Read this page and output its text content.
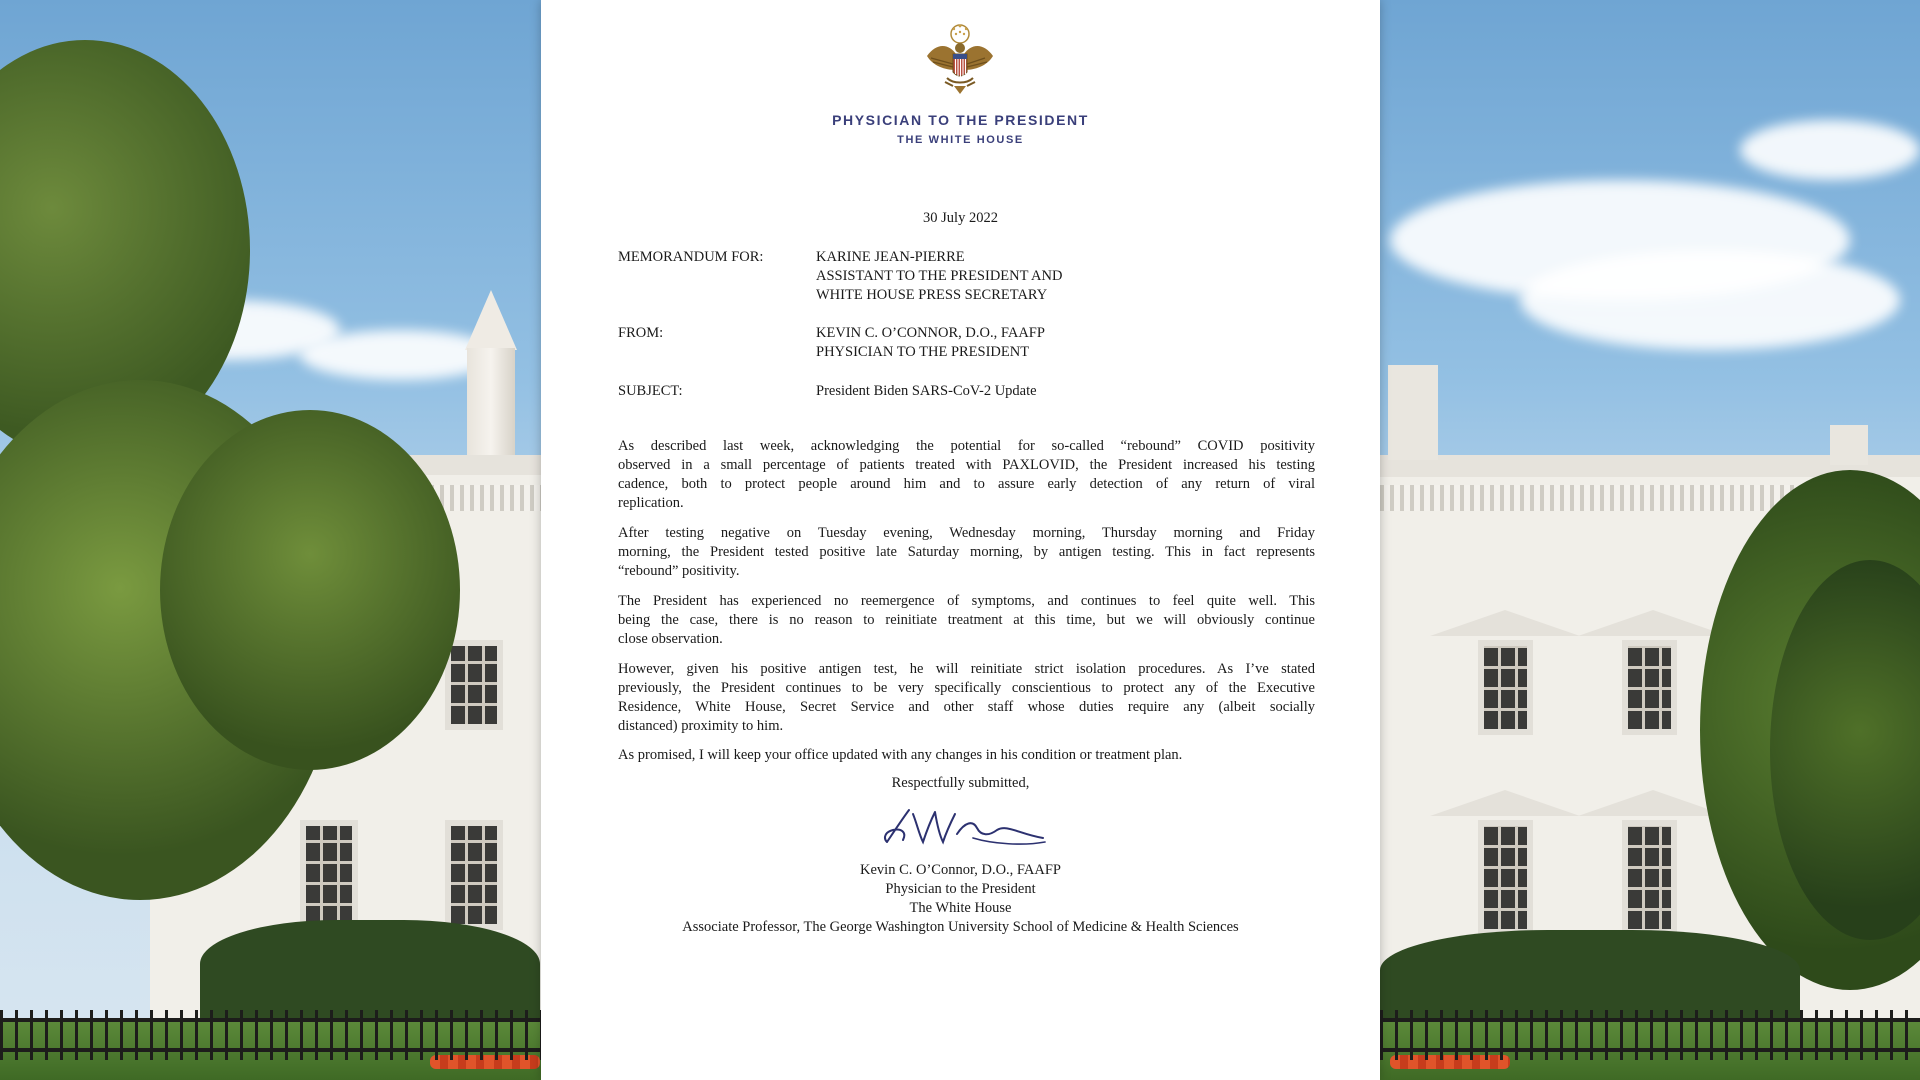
PHYSICIAN TO THE PRESIDENT
THE WHITE HOUSE
30 July 2022
MEMORANDUM FOR:	KARINE JEAN-PIERRE
ASSISTANT TO THE PRESIDENT AND
WHITE HOUSE PRESS SECRETARY
FROM:	KEVIN C. O’CONNOR, D.O., FAAFP
PHYSICIAN TO THE PRESIDENT
SUBJECT:	President Biden SARS-CoV-2 Update
As described last week, acknowledging the potential for so-called “rebound” COVID positivity
observed in a small percentage of patients treated with PAXLOVID, the President increased his testing
cadence, both to protect people around him and to assure early detection of any return of viral
replication.
After testing negative on Tuesday evening, Wednesday morning, Thursday morning and Friday
morning, the President tested positive late Saturday morning, by antigen testing. This in fact represents
“rebound” positivity.
The President has experienced no reemergence of symptoms, and continues to feel quite well. This
being the case, there is no reason to reinitiate treatment at this time, but we will obviously continue
close observation.
However, given his positive antigen test, he will reinitiate strict isolation procedures. As I’ve stated
previously, the President continues to be very specifically conscientious to protect any of the Executive
Residence, White House, Secret Service and other staff whose duties require any (albeit socially
distanced) proximity to him.
As promised, I will keep your office updated with any changes in his condition or treatment plan.
Respectfully submitted,
Kevin C. O’Connor, D.O., FAAFP
Physician to the President
The White House
Associate Professor, The George Washington University School of Medicine & Health Sciences
